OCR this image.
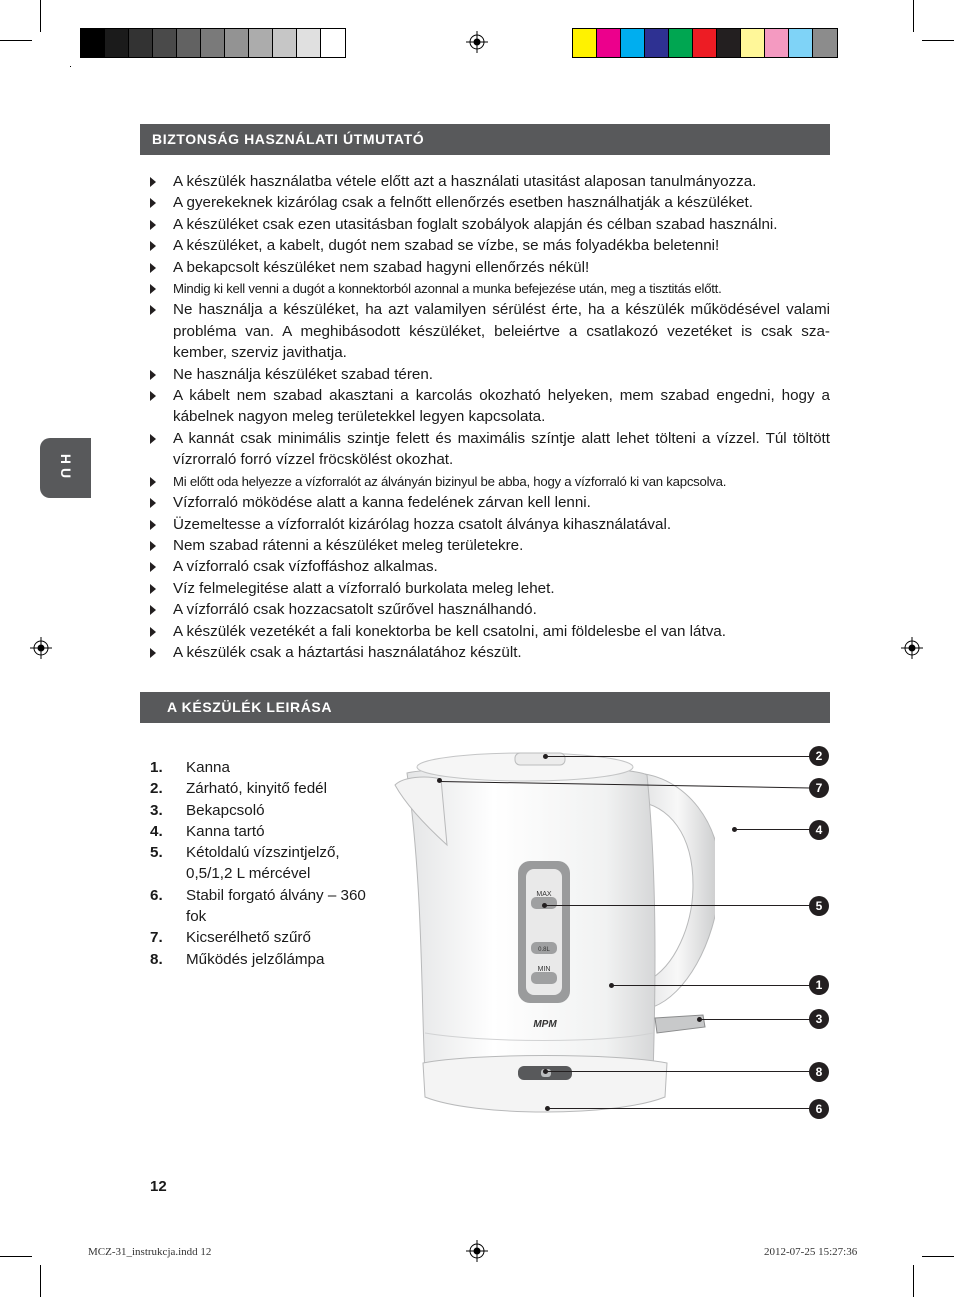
HU
BIZTONSÁG HASZNÁLATI ÚTMUTATÓ
A készülék használatba vétele előtt azt a használati utasitást alaposan tanulmányozza.
A gyerekeknek kizárólag csak a felnőtt ellenőrzés esetben használhatják a készüléket.
A készüléket csak ezen utasitásban foglalt szobályok alapján és célban szabad használni.
A készüléket, a kabelt, dugót nem szabad se vízbe, se más folyadékba beletenni!
A bekapcsolt készüléket nem szabad hagyni ellenőrzés nékül!
Mindig ki kell venni a dugót a konnektorból azonnal a munka befejezése után, meg a tisztitás előtt.
Ne használja a készüléket, ha azt valamilyen sérülést érte, ha a készülék működésével valami probléma van. A meghibásodott készüléket, beleiértve a csatlakozó vezetéket is csak sza-kember, szerviz javithatja.
Ne használja készüléket szabad téren.
A kábelt nem szabad akasztani a karcolás okozható helyeken, mem szabad engedni, hogy a kábelnek nagyon meleg területekkel legyen kapcsolata.
A kannát csak minimális szintje felett és maximális színtje alatt lehet tölteni a vízzel. Túl töltött vízrorraló forró vízzel fröcskölést okozhat.
Mi előtt oda helyezze a vízforralót az álványán bizinyul be abba, hogy a vízforraló ki van kapcsolva.
Vízforraló möködése alatt a kanna fedelének zárvan kell lenni.
Üzemeltesse a vízforralót kizárólag hozza csatolt álványa kihasználatával.
Nem szabad rátenni a készüléket meleg területekre.
A vízforraló csak vízfoffáshoz alkalmas.
Víz felmelegitése alatt a vízforraló burkolata meleg lehet.
A vízforráló csak hozzacsatolt szűrővel használhandó.
A készülék vezetékét a fali konektorba be kell csatolni, ami földelesbe el van látva.
A készülék csak a háztartási használatához készült.
A KÉSZÜLÉK LEIRÁSA
1. Kanna
2. Zárható, kinyitő fedél
3. Bekapcsoló
4. Kanna tartó
5. Kétoldalú vízszintjelző, 0,5/1,2 L mércével
6. Stabil forgató álvány – 360 fok
7. Kicserélhető szűrő
8. Működés jelzőlámpa
MAX
0.8L
MIN
MPM
2
7
4
5
1
3
8
6
12
MCZ-31_instrukcja.indd 12	2012-07-25 15:27:36
